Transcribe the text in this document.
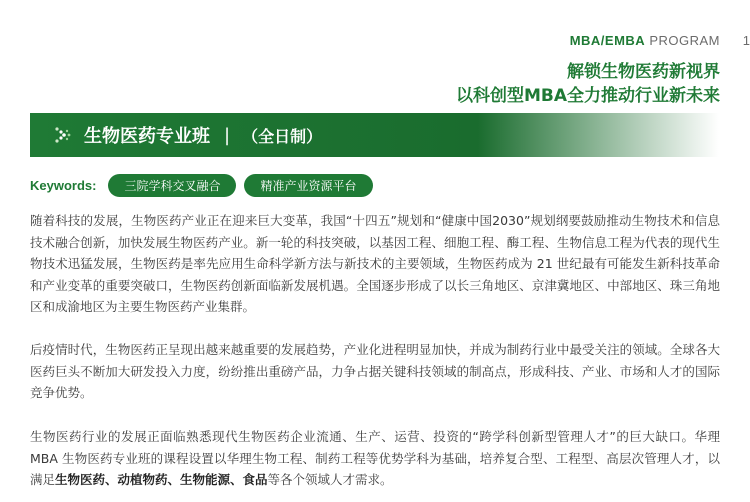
MBA/EMBA PROGRAM 1
解锁生物医药新视界
以科创型MBA全力推动行业新未来
生物医药专业班 | （全日制）
Keywords:	三院学科交叉融合	精准产业资源平台

随着科技的发展，生物医药产业正在迎来巨大变革，我国“十四五”规划和“健康中国2030”规划纲要鼓励推动生物技术和信息技术融合创新，加快发展生物医药产业。新一轮的科技突破，以基因工程、细胞工程、酶工程、生物信息工程为代表的现代生物技术迅猛发展，生物医药是率先应用生命科学新方法与新技术的主要领域，生物医药成为 21 世纪最有可能发生新科技革命和产业变革的重要突破口，生物医药创新面临新发展机遇。全国逐步形成了以长三角地区、京津冀地区、中部地区、珠三角地区和成渝地区为主要生物医药产业集群。

后疫情时代，生物医药正呈现出越来越重要的发展趋势，产业化进程明显加快，并成为制药行业中最受关注的领域。全球各大医药巨头不断加大研发投入力度，纷纷推出重磅产品，力争占据关键科技领域的制高点，形成科技、产业、市场和人才的国际竞争优势。

生物医药行业的发展正面临熟悉现代生物医药企业流通、生产、运营、投资的“跨学科创新型管理人才”的巨大缺口。华理 MBA 生物医药专业班的课程设置以华理生物工程、制药工程等优势学科为基础，培养复合型、工程型、高层次管理人才，以满足生物医药、动植物药、生物能源、食品等各个领域人才需求。
